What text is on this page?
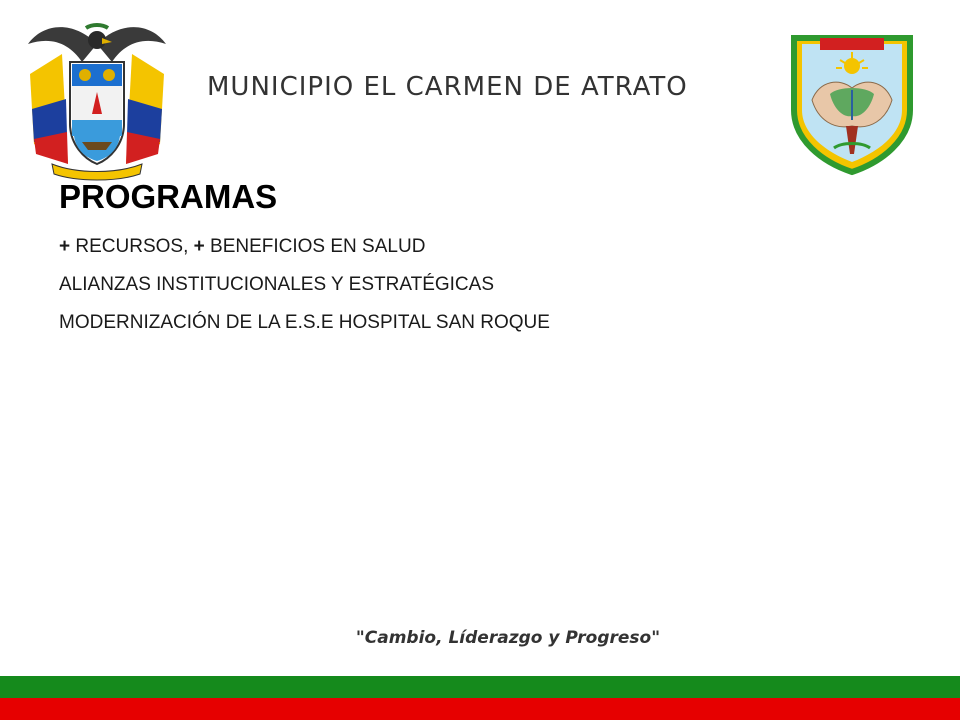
MUNICIPIO EL CARMEN DE ATRATO
PROGRAMAS
+ RECURSOS, + BENEFICIOS EN SALUD
ALIANZAS INSTITUCIONALES Y ESTRATÉGICAS
MODERNIZACIÓN DE LA E.S.E HOSPITAL SAN ROQUE
"Cambio, Líderazgo y Progreso"
